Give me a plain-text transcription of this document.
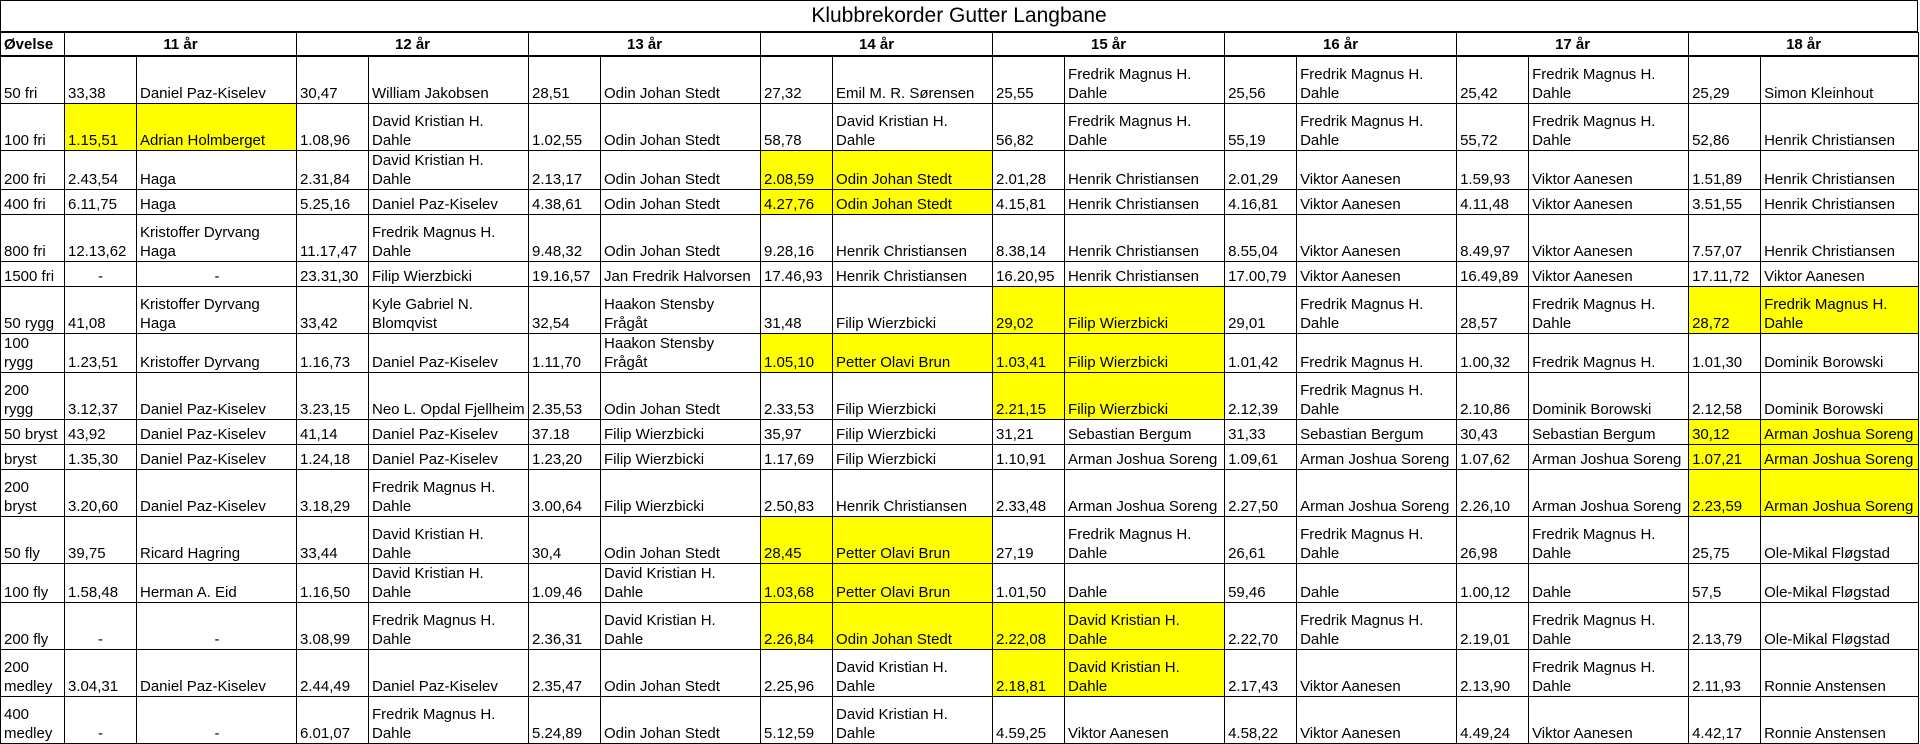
Klubbrekorder Gutter Langbane
Øvelse	11 år		12 år		13 år		14 år		15 år		16 år		17 år		18 år	
50 fri	33,38	Daniel Paz-Kiselev	30,47	William Jakobsen	28,51	Odin Johan Stedt	27,32	Emil M. R. Sørensen	25,55	Fredrik Magnus H. Dahle	25,56	Fredrik Magnus H. Dahle	25,42	Fredrik Magnus H. Dahle	25,29	Simon Kleinhout
100 fri	1.15,51	Adrian Holmberget	1.08,96	David Kristian H. Dahle	1.02,55	Odin Johan Stedt	58,78	David Kristian H. Dahle	56,82	Fredrik Magnus H. Dahle	55,19	Fredrik Magnus H. Dahle	55,72	Fredrik Magnus H. Dahle	52,86	Henrik Christiansen
200 fri	2.43,54	Haga	2.31,84	David Kristian H. Dahle	2.13,17	Odin Johan Stedt	2.08,59	Odin Johan Stedt	2.01,28	Henrik Christiansen	2.01,29	Viktor Aanesen	1.59,93	Viktor Aanesen	1.51,89	Henrik Christiansen
400 fri	6.11,75	Haga	5.25,16	Daniel Paz-Kiselev	4.38,61	Odin Johan Stedt	4.27,76	Odin Johan Stedt	4.15,81	Henrik Christiansen	4.16,81	Viktor Aanesen	4.11,48	Viktor Aanesen	3.51,55	Henrik Christiansen
800 fri	12.13,62	Kristoffer Dyrvang Haga	11.17,47	Fredrik Magnus H. Dahle	9.48,32	Odin Johan Stedt	9.28,16	Henrik Christiansen	8.38,14	Henrik Christiansen	8.55,04	Viktor Aanesen	8.49,97	Viktor Aanesen	7.57,07	Henrik Christiansen
1500 fri	-	-	23.31,30	Filip Wierzbicki	19.16,57	Jan Fredrik Halvorsen	17.46,93	Henrik Christiansen	16.20,95	Henrik Christiansen	17.00,79	Viktor Aanesen	16.49,89	Viktor Aanesen	17.11,72	Viktor Aanesen
50 rygg	41,08	Kristoffer Dyrvang Haga	33,42	Kyle Gabriel N. Blomqvist	32,54	Haakon Stensby Frågåt	31,48	Filip Wierzbicki	29,02	Filip Wierzbicki	29,01	Fredrik Magnus H. Dahle	28,57	Fredrik Magnus H. Dahle	28,72	Fredrik Magnus H. Dahle
100 rygg	1.23,51	Kristoffer Dyrvang	1.16,73	Daniel Paz-Kiselev	1.11,70	Haakon Stensby Frågåt	1.05,10	Petter Olavi Brun	1.03,41	Filip Wierzbicki	1.01,42	Fredrik Magnus H.	1.00,32	Fredrik Magnus H.	1.01,30	Dominik Borowski
200 rygg	3.12,37	Daniel Paz-Kiselev	3.23,15	Neo L. Opdal Fjellheim	2.35,53	Odin Johan Stedt	2.33,53	Filip Wierzbicki	2.21,15	Filip Wierzbicki	2.12,39	Fredrik Magnus H. Dahle	2.10,86	Dominik Borowski	2.12,58	Dominik Borowski
50 bryst	43,92	Daniel Paz-Kiselev	41,14	Daniel Paz-Kiselev	37.18	Filip Wierzbicki	35,97	Filip Wierzbicki	31,21	Sebastian Bergum	31,33	Sebastian Bergum	30,43	Sebastian Bergum	30,12	Arman Joshua Soreng
bryst	1.35,30	Daniel Paz-Kiselev	1.24,18	Daniel Paz-Kiselev	1.23,20	Filip Wierzbicki	1.17,69	Filip Wierzbicki	1.10,91	Arman Joshua Soreng	1.09,61	Arman Joshua Soreng	1.07,62	Arman Joshua Soreng	1.07,21	Arman Joshua Soreng
200 bryst	3.20,60	Daniel Paz-Kiselev	3.18,29	Fredrik Magnus H. Dahle	3.00,64	Filip Wierzbicki	2.50,83	Henrik Christiansen	2.33,48	Arman Joshua Soreng	2.27,50	Arman Joshua Soreng	2.26,10	Arman Joshua Soreng	2.23,59	Arman Joshua Soreng
50 fly	39,75	Ricard Hagring	33,44	David Kristian H. Dahle	30,4	Odin Johan Stedt	28,45	Petter Olavi Brun	27,19	Fredrik Magnus H. Dahle	26,61	Fredrik Magnus H. Dahle	26,98	Fredrik Magnus H. Dahle	25,75	Ole-Mikal Fløgstad
100 fly	1.58,48	Herman A. Eid	1.16,50	David Kristian H. Dahle	1.09,46	David Kristian H. Dahle	1.03,68	Petter Olavi Brun	1.01,50	Dahle	59,46	Dahle	1.00,12	Dahle	57,5	Ole-Mikal Fløgstad
200 fly	-	-	3.08,99	Fredrik Magnus H. Dahle	2.36,31	David Kristian H. Dahle	2.26,84	Odin Johan Stedt	2.22,08	David Kristian H. Dahle	2.22,70	Fredrik Magnus H. Dahle	2.19,01	Fredrik Magnus H. Dahle	2.13,79	Ole-Mikal Fløgstad
200 medley	3.04,31	Daniel Paz-Kiselev	2.44,49	Daniel Paz-Kiselev	2.35,47	Odin Johan Stedt	2.25,96	David Kristian H. Dahle	2.18,81	David Kristian H. Dahle	2.17,43	Viktor Aanesen	2.13,90	Fredrik Magnus H. Dahle	2.11,93	Ronnie Anstensen
400 medley	-	-	6.01,07	Fredrik Magnus H. Dahle	5.24,89	Odin Johan Stedt	5.12,59	David Kristian H. Dahle	4.59,25	Viktor Aanesen	4.58,22	Viktor Aanesen	4.49,24	Viktor Aanesen	4.42,17	Ronnie Anstensen
